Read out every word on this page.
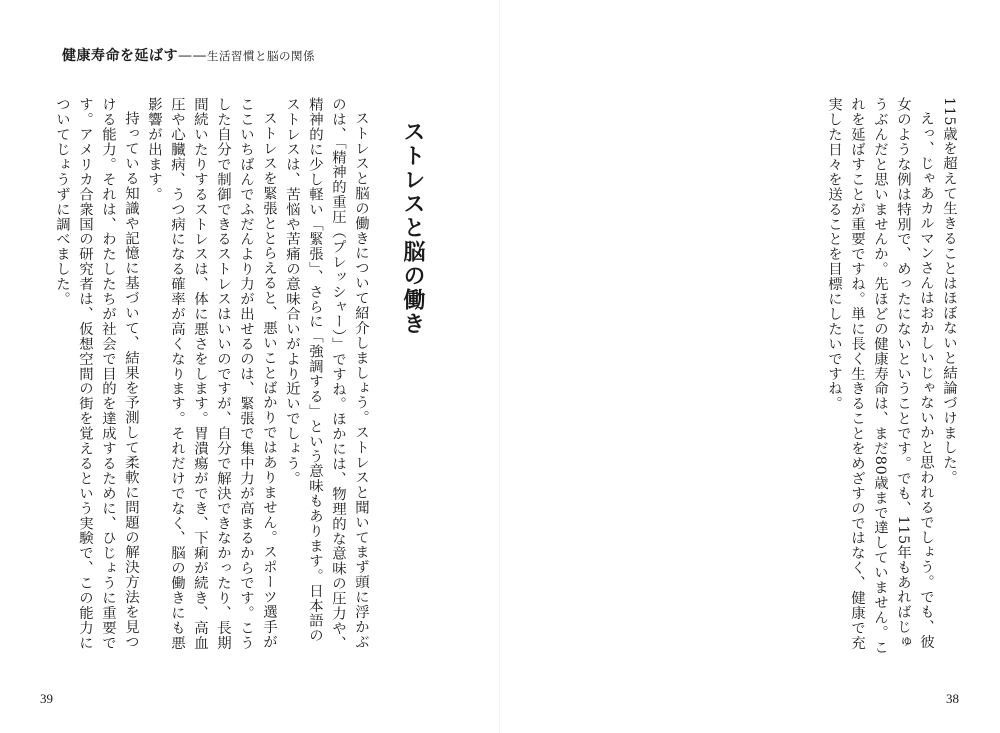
健康寿命を延ばす——生活習慣と脳の関係

115歳を超えて生きることはほぼないと結論づけました。

えっ、じゃあカルマンさんはおかしいじゃないかと思われるでしょう。でも、彼女のような例は特別で、めったにないということです。でも、115年もあればじゅうぶんだと思いませんか。先ほどの健康寿命は、まだ80歳まで達していません。これを延ばすことが重要ですね。単に長く生きることをめざすのではなく、健康で充実した日々を送ることを目標にしたいですね。

ストレスと脳の働き

ストレスと脳の働きについて紹介しましょう。ストレスと聞いてまず頭に浮かぶのは、「精神的重圧（プレッシャー）」ですね。ほかには、物理的な意味の圧力や、精神的に少し軽い「緊張」、さらに「強調する」という意味もあります。日本語のストレスは、苦悩や苦痛の意味合いがより近いでしょう。

ストレスを緊張ととらえると、悪いことばかりではありません。スポーツ選手がここいちばんでふだんより力が出せるのは、緊張で集中力が高まるからです。こうした自分で制御できるストレスはいいのですが、自分で解決できなかったり、長期間続いたりするストレスは、体に悪さをします。胃潰瘍ができ、下痢が続き、高血圧や心臓病、うつ病になる確率が高くなります。それだけでなく、脳の働きにも悪影響が出ます。

持っている知識や記憶に基づいて、結果を予測して柔軟に問題の解決方法を見つける能力。それは、わたしたちが社会で目的を達成するために、ひじょうに重要です。アメリカ合衆国の研究者は、仮想空間の街を覚えるという実験で、この能力についてじょうずに調べました。

39	38
